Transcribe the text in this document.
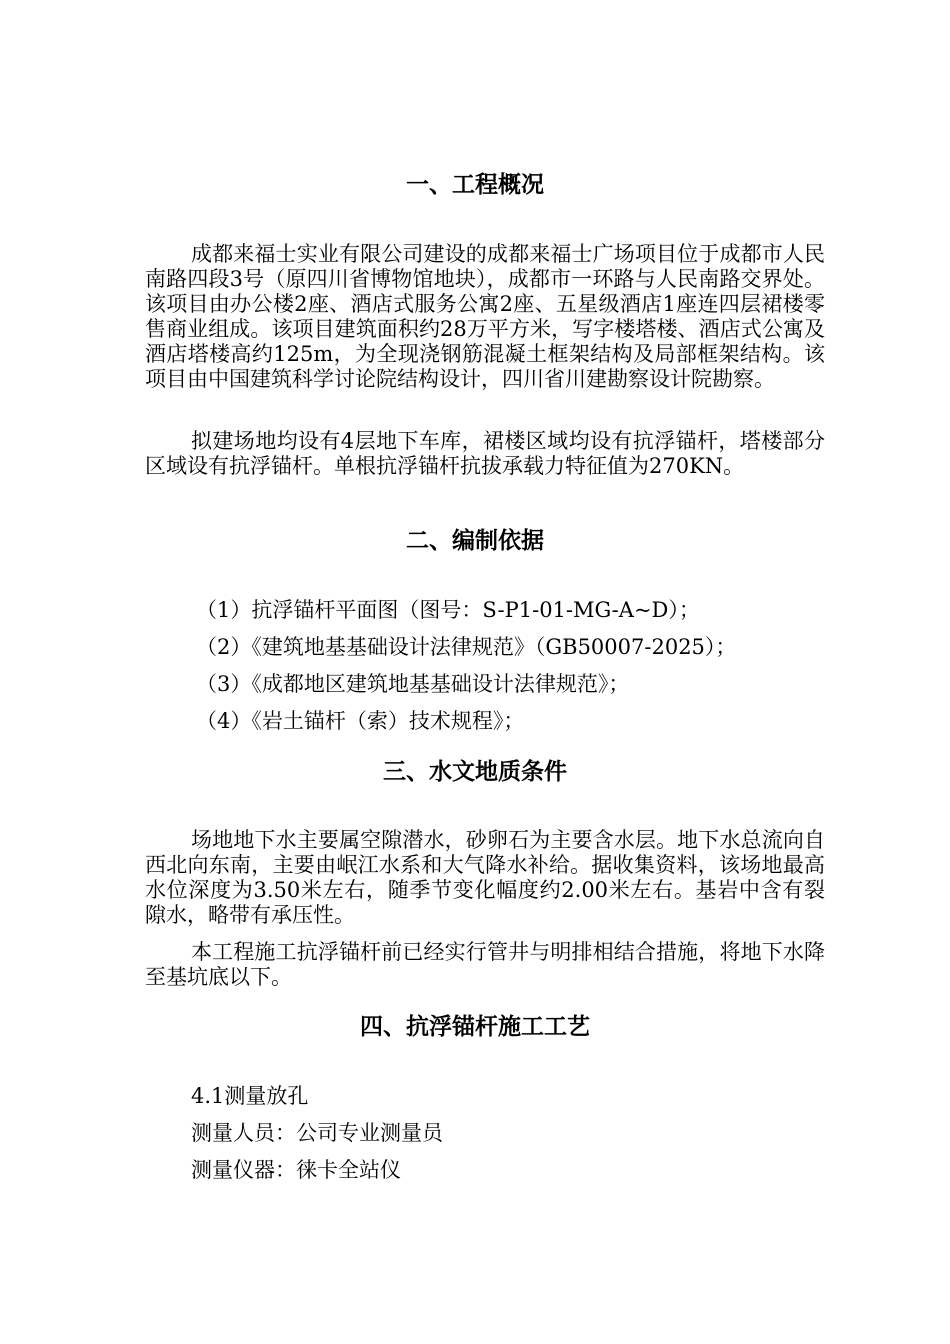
一、工程概况

成都来福士实业有限公司建设的成都来福士广场项目位于成都市人民南路四段3号（原四川省博物馆地块），成都市一环路与人民南路交界处。该项目由办公楼2座、酒店式服务公寓2座、五星级酒店1座连四层裙楼零售商业组成。该项目建筑面积约28万平方米，写字楼塔楼、酒店式公寓及酒店塔楼高约125m，为全现浇钢筋混凝土框架结构及局部框架结构。该项目由中国建筑科学讨论院结构设计，四川省川建勘察设计院勘察。

拟建场地均设有4层地下车库，裙楼区域均设有抗浮锚杆，塔楼部分区域设有抗浮锚杆。单根抗浮锚杆抗拔承载力特征值为270KN。

二、编制依据

（1）抗浮锚杆平面图（图号：S-P1-01-MG-A~D）；

（2）《建筑地基基础设计法律规范》（GB50007-2025）；

（3）《成都地区建筑地基基础设计法律规范》；

（4）《岩土锚杆（索）技术规程》；

三、水文地质条件

场地地下水主要属空隙潜水，砂卵石为主要含水层。地下水总流向自西北向东南，主要由岷江水系和大气降水补给。据收集资料，该场地最高水位深度为3.50米左右，随季节变化幅度约2.00米左右。基岩中含有裂隙水，略带有承压性。

本工程施工抗浮锚杆前已经实行管井与明排相结合措施，将地下水降至基坑底以下。

四、抗浮锚杆施工工艺

4.1测量放孔

测量人员：公司专业测量员

测量仪器：徕卡全站仪
